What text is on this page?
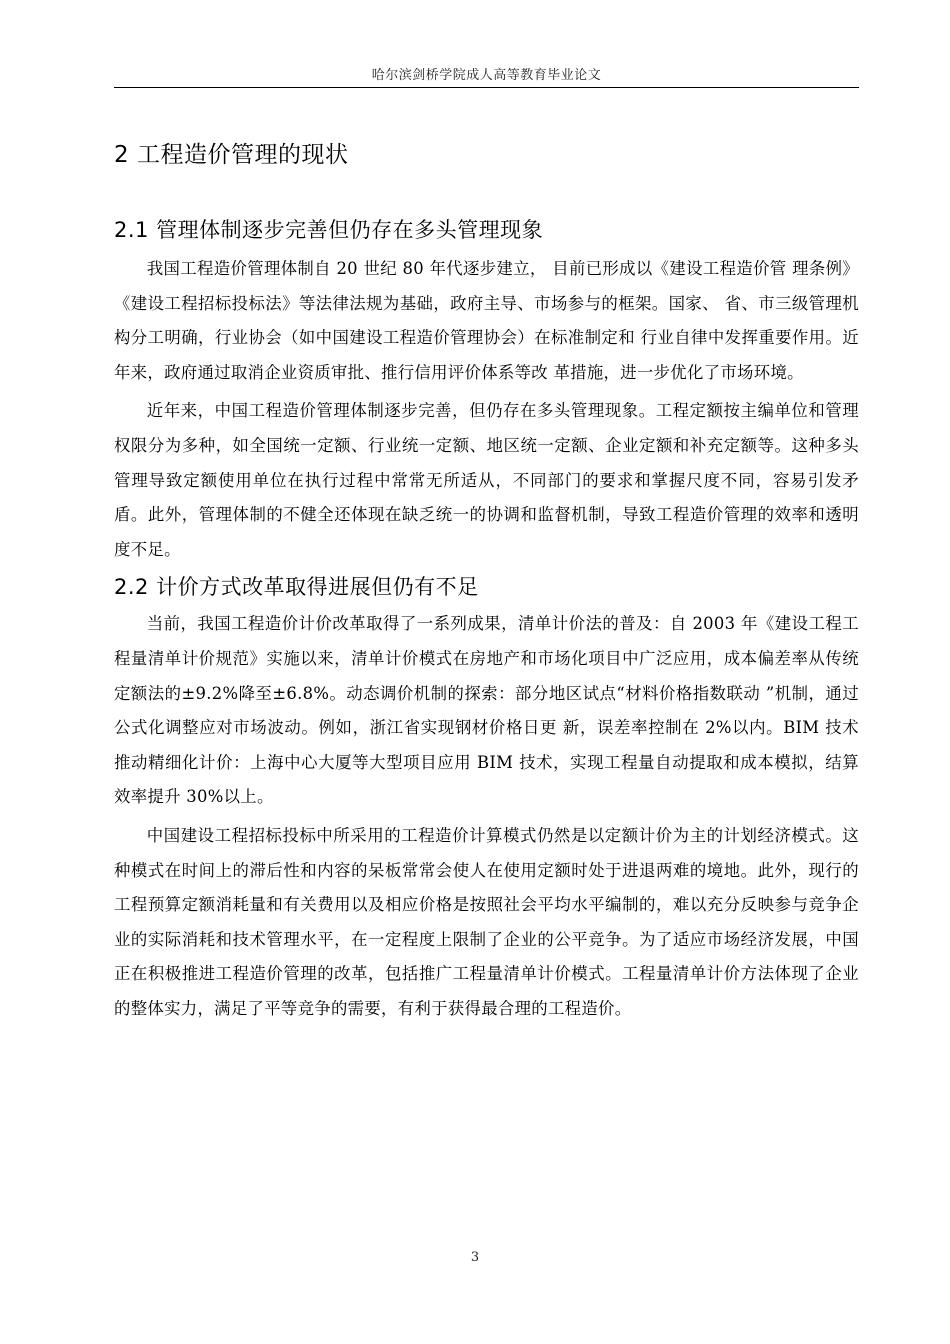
哈尔滨剑桥学院成人高等教育毕业论文
2 工程造价管理的现状
2.1 管理体制逐步完善但仍存在多头管理现象

我国工程造价管理体制自 20 世纪 80 年代逐步建立， 目前已形成以《建设工程造价管 理条例》《建设工程招标投标法》等法律法规为基础，政府主导、市场参与的框架。国家、 省、市三级管理机构分工明确，行业协会（如中国建设工程造价管理协会）在标准制定和 行业自律中发挥重要作用。近年来，政府通过取消企业资质审批、推行信用评价体系等改 革措施，进一步优化了市场环境。

近年来，中国工程造价管理体制逐步完善，但仍存在多头管理现象。工程定额按主编单位和管理权限分为多种，如全国统一定额、行业统一定额、地区统一定额、企业定额和补充定额等。这种多头管理导致定额使用单位在执行过程中常常无所适从，不同部门的要求和掌握尺度不同，容易引发矛盾。此外，管理体制的不健全还体现在缺乏统一的协调和监督机制，导致工程造价管理的效率和透明度不足。

2.2 计价方式改革取得进展但仍有不足

当前，我国工程造价计价改革取得了一系列成果，清单计价法的普及：自 2003 年《建设工程工程量清单计价规范》实施以来，清单计价模式在房地产和市场化项目中广泛应用，成本偏差率从传统定额法的±9.2%降至±6.8%。动态调价机制的探索：部分地区试点“材料价格指数联动 ”机制，通过公式化调整应对市场波动。例如，浙江省实现钢材价格日更 新，误差率控制在 2%以内。BIM 技术推动精细化计价：上海中心大厦等大型项目应用 BIM 技术，实现工程量自动提取和成本模拟，结算效率提升 30%以上。

中国建设工程招标投标中所采用的工程造价计算模式仍然是以定额计价为主的计划经济模式。这种模式在时间上的滞后性和内容的呆板常常会使人在使用定额时处于进退两难的境地。此外，现行的工程预算定额消耗量和有关费用以及相应价格是按照社会平均水平编制的，难以充分反映参与竞争企业的实际消耗和技术管理水平，在一定程度上限制了企业的公平竞争。为了适应市场经济发展，中国正在积极推进工程造价管理的改革，包括推广工程量清单计价模式。工程量清单计价方法体现了企业的整体实力，满足了平等竞争的需要，有利于获得最合理的工程造价。

3
